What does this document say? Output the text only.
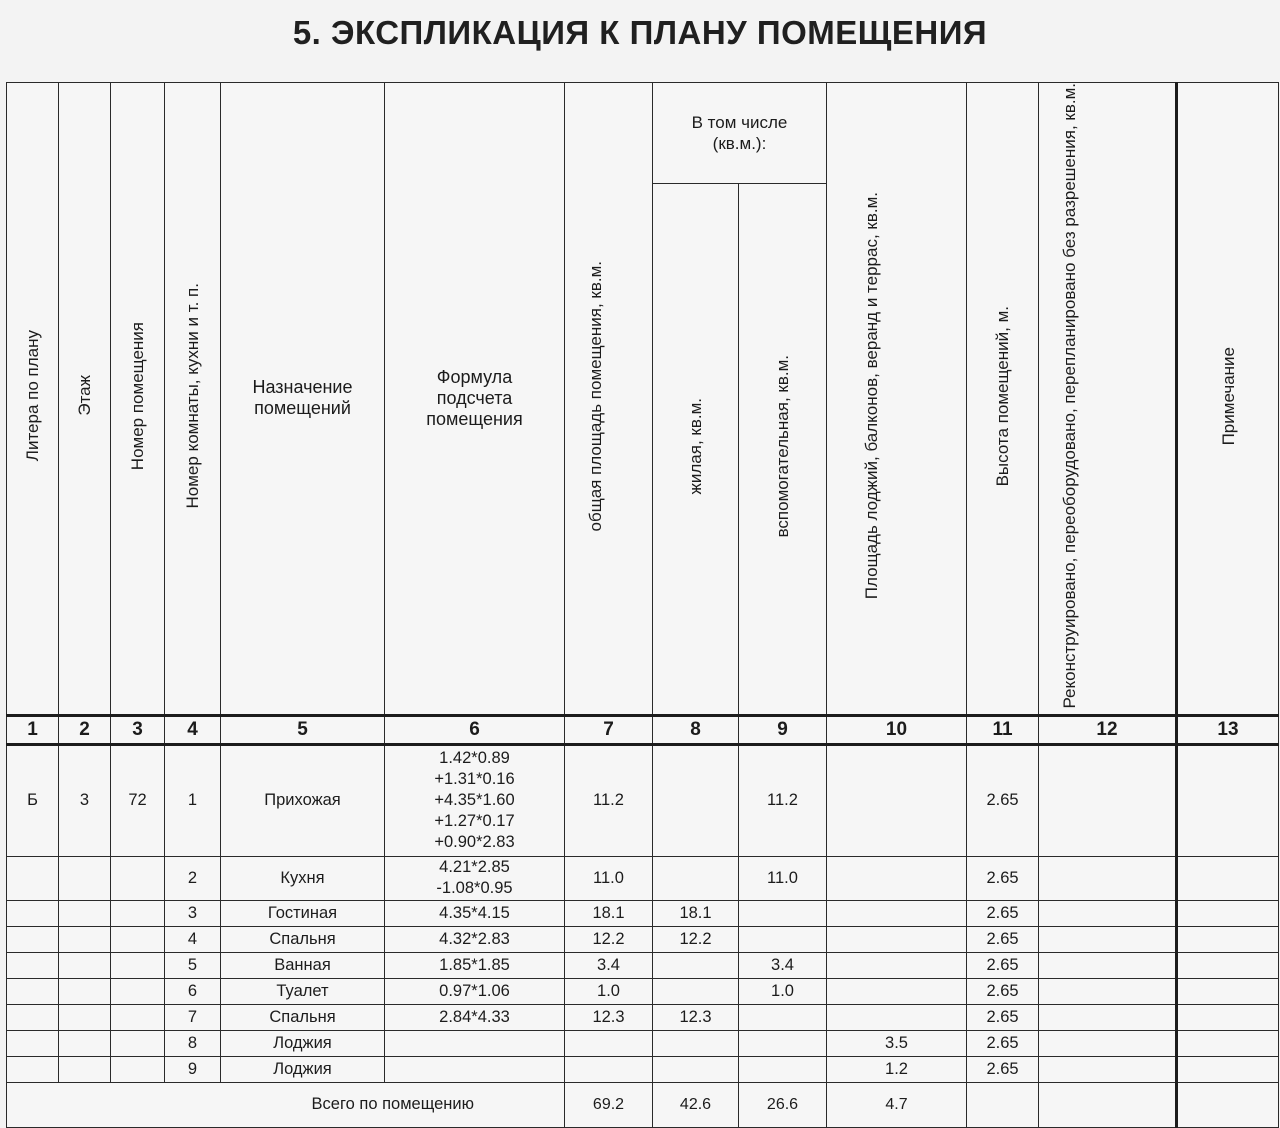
5. ЭКСПЛИКАЦИЯ К ПЛАНУ ПОМЕЩЕНИЯ
Литера по плану	Этаж	Номер помещения	Номер комнаты, кухни и т. п.	Назначение помещений	Формула подсчета помещения	общая площадь помещения, кв.м.	В том числе (кв.м.):		Площадь лоджий, балконов, веранд и террас, кв.м.	Высота помещений, м.	Реконструировано, переоборудовано, перепланировано без разрешения, кв.м.	Примечание
							жилая, кв.м.	вспомогательная, кв.м.				
1	2	3	4	5	6	7	8	9	10	11	12	13
Б	3	72	1	Прихожая	1.42*0.89
+1.31*0.16
+4.35*1.60
+1.27*0.17
+0.90*2.83	11.2		11.2		2.65		
			2	Кухня	4.21*2.85
-1.08*0.95	11.0		11.0		2.65		
			3	Гостиная	4.35*4.15	18.1	18.1			2.65		
			4	Спальня	4.32*2.83	12.2	12.2			2.65		
			5	Ванная	1.85*1.85	3.4		3.4		2.65		
			6	Туалет	0.97*1.06	1.0		1.0		2.65		
			7	Спальня	2.84*4.33	12.3	12.3			2.65		
			8	Лоджия					3.5	2.65		
			9	Лоджия					1.2	2.65		
Всего по помещению						69.2	42.6	26.6	4.7			
